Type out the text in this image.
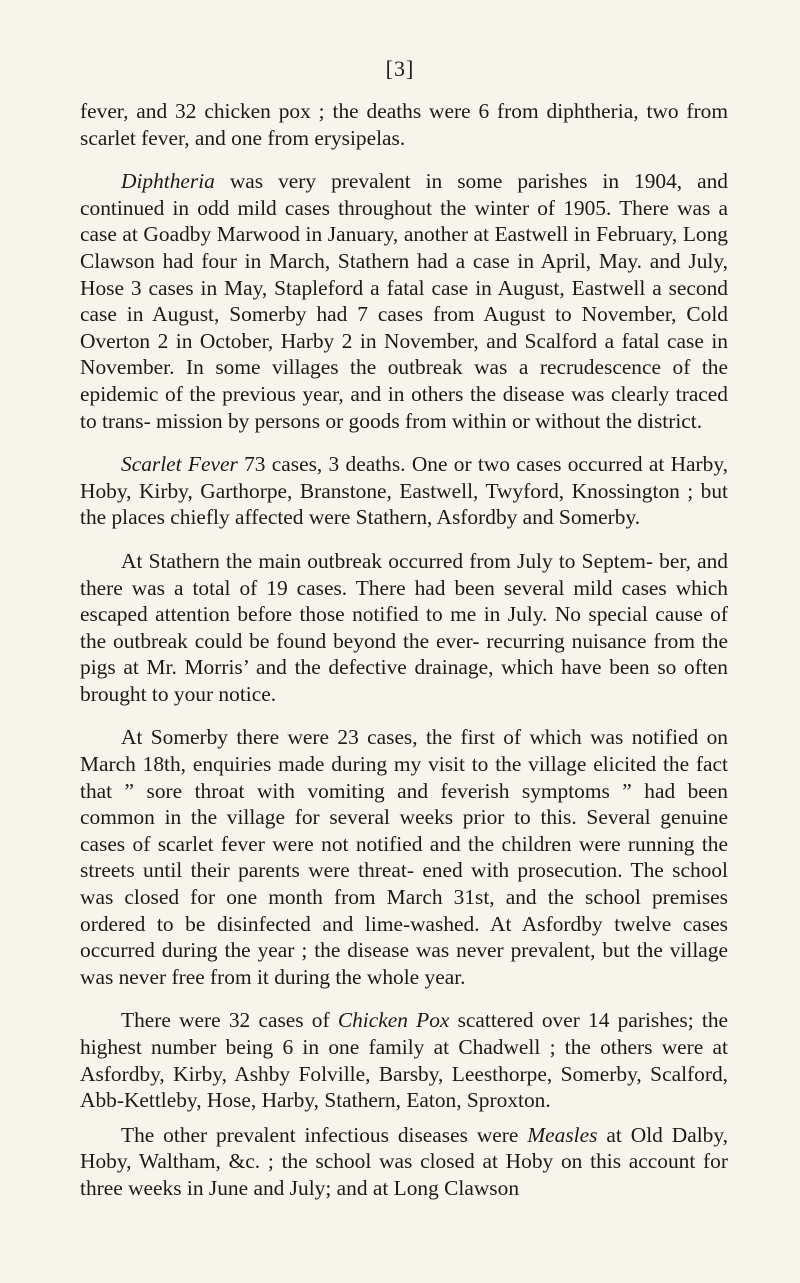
[3]

fever, and 32 chicken pox ; the deaths were 6 from diphtheria, two from scarlet fever, and one from erysipelas.

Diphtheria was very prevalent in some parishes in 1904, and continued in odd mild cases throughout the winter of 1905. There was a case at Goadby Marwood in January, another at Eastwell in February, Long Clawson had four in March, Stathern had a case in April, May. and July, Hose 3 cases in May, Stapleford a fatal case in August, Eastwell a second case in August, Somerby had 7 cases from August to November, Cold Overton 2 in October, Harby 2 in November, and Scalford a fatal case in November. In some villages the outbreak was a recrudescence of the epidemic of the previous year, and in others the disease was clearly traced to trans- mission by persons or goods from within or without the district.

Scarlet Fever 73 cases, 3 deaths. One or two cases occurred at Harby, Hoby, Kirby, Garthorpe, Branstone, Eastwell, Twyford, Knossington ; but the places chiefly affected were Stathern, Asfordby and Somerby.

At Stathern the main outbreak occurred from July to Septem- ber, and there was a total of 19 cases. There had been several mild cases which escaped attention before those notified to me in July. No special cause of the outbreak could be found beyond the ever- recurring nuisance from the pigs at Mr. Morris’ and the defective drainage, which have been so often brought to your notice.

At Somerby there were 23 cases, the first of which was notified on March 18th, enquiries made during my visit to the village elicited the fact that ” sore throat with vomiting and feverish symptoms ” had been common in the village for several weeks prior to this. Several genuine cases of scarlet fever were not notified and the children were running the streets until their parents were threat- ened with prosecution. The school was closed for one month from March 31st, and the school premises ordered to be disinfected and lime-washed. At Asfordby twelve cases occurred during the year ; the disease was never prevalent, but the village was never free from it during the whole year.

There were 32 cases of Chicken Pox scattered over 14 parishes; the highest number being 6 in one family at Chadwell ; the others were at Asfordby, Kirby, Ashby Folville, Barsby, Leesthorpe, Somerby, Scalford, Abb-Kettleby, Hose, Harby, Stathern, Eaton, Sproxton.

The other prevalent infectious diseases were Measles at Old Dalby, Hoby, Waltham, &c. ; the school was closed at Hoby on this account for three weeks in June and July; and at Long Clawson
